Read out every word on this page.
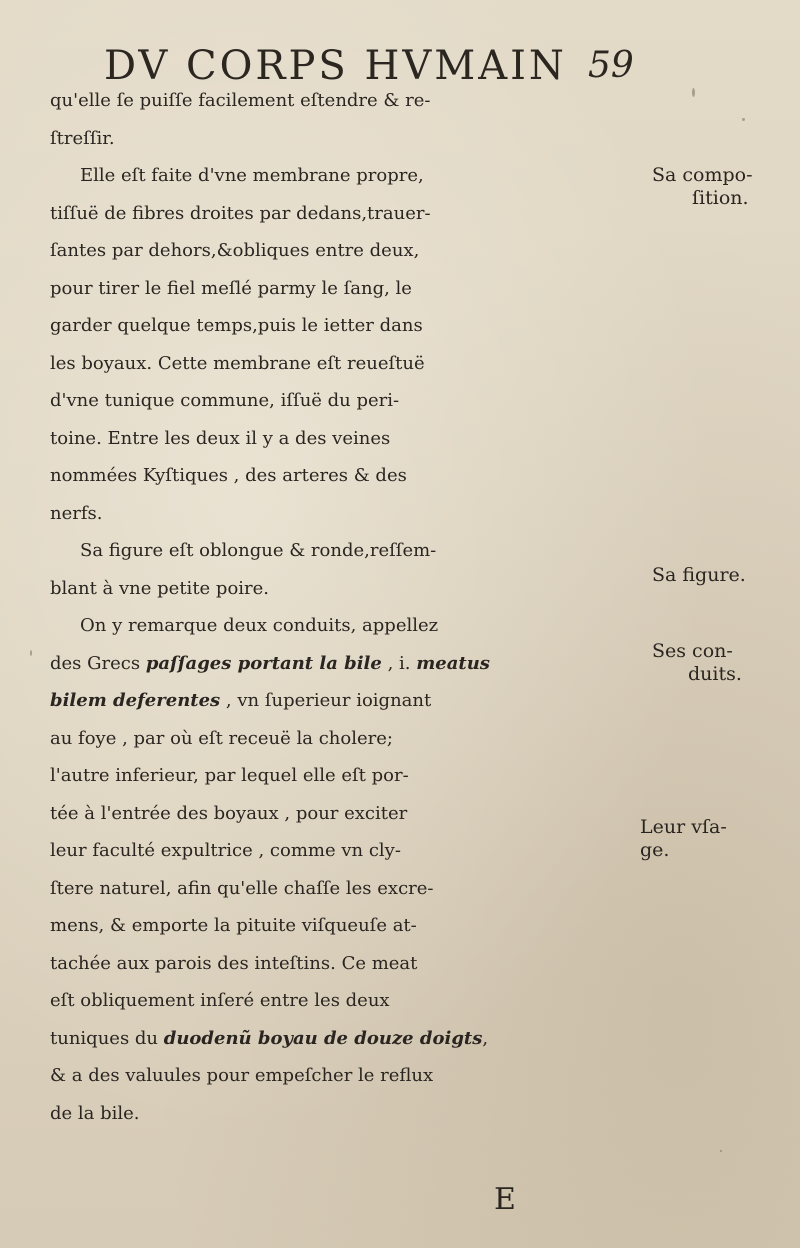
DV CORPS HVMAIN 59
qu'elle ſe puiſſe facilement eſtendre & re-
ſtreſſir.
Elle eſt faite d'vne membrane propre,
tiſſuë de fibres droites par dedans,trauer-
ſantes par dehors,&obliques entre deux,
pour tirer le fiel meſlé parmy le ſang, le
garder quelque temps,puis le ietter dans
les boyaux. Cette membrane eſt reueſtuë
d'vne tunique commune, iſſuë du peri-
toine. Entre les deux il y a des veines
nommées Kyſtiques , des arteres & des
nerfs.
Sa figure eſt oblongue & ronde,reſſem-
blant à vne petite poire.
On y remarque deux conduits, appellez
des Grecs paſſages portant la bile , i. meatus
bilem deferentes , vn ſuperieur ioignant
au foye , par où eſt receuë la cholere;
l'autre inferieur, par lequel elle eſt por-
tée à l'entrée des boyaux , pour exciter
leur faculté expultrice , comme vn cly-
ſtere naturel, afin qu'elle chaſſe les excre-
mens, & emporte la pituite viſqueuſe at-
tachée aux parois des inteſtins. Ce meat
eſt obliquement inſeré entre les deux
tuniques du duodenũ boyau de douze doigts,
& a des valuules pour empeſcher le reflux
de la bile.
Sa compo-
ſition.
Sa figure.
Ses con-
duits.
Leur vſa-
ge.
E
